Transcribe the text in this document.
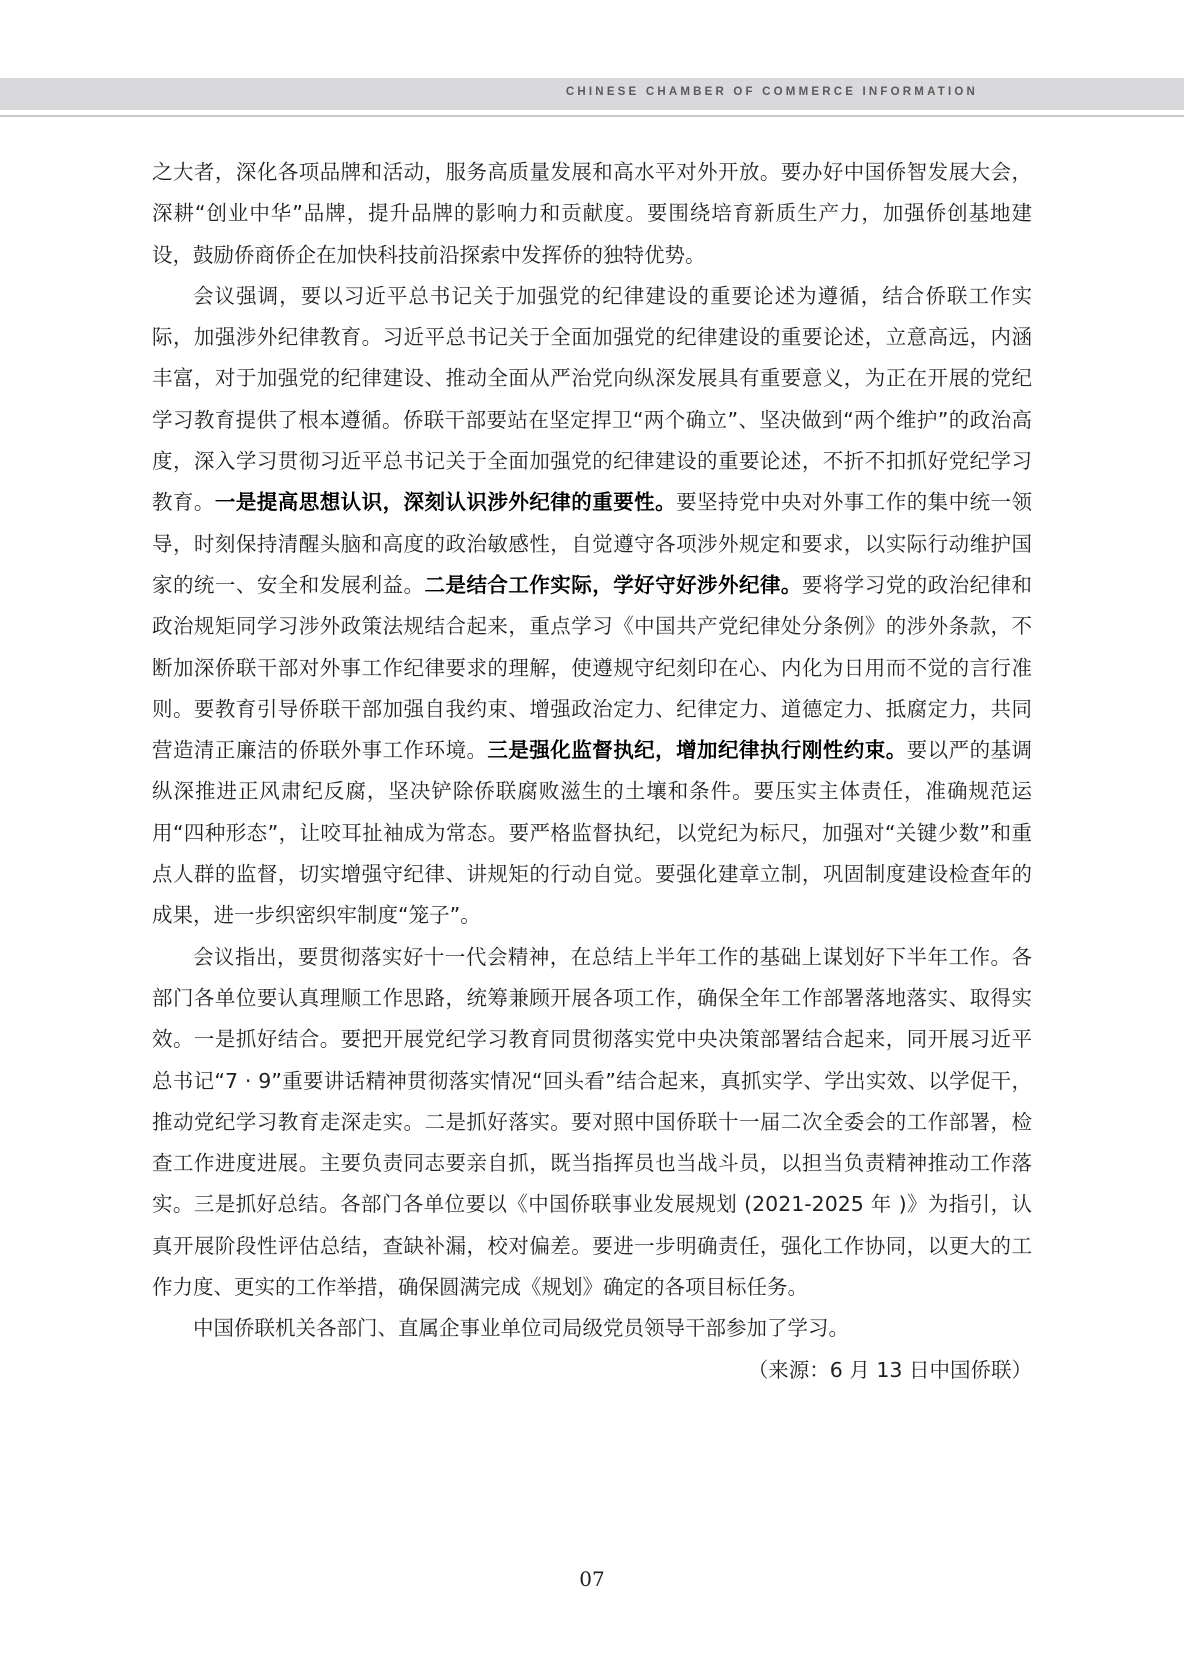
CHINESE CHAMBER OF COMMERCE INFORMATION

之大者，深化各项品牌和活动，服务高质量发展和高水平对外开放。要办好中国侨智发展大会，深耕“创业中华”品牌，提升品牌的影响力和贡献度。要围绕培育新质生产力，加强侨创基地建设，鼓励侨商侨企在加快科技前沿探索中发挥侨的独特优势。

会议强调，要以习近平总书记关于加强党的纪律建设的重要论述为遵循，结合侨联工作实际，加强涉外纪律教育。习近平总书记关于全面加强党的纪律建设的重要论述，立意高远，内涵丰富，对于加强党的纪律建设、推动全面从严治党向纵深发展具有重要意义，为正在开展的党纪学习教育提供了根本遵循。侨联干部要站在坚定捍卫“两个确立”、坚决做到“两个维护”的政治高度，深入学习贯彻习近平总书记关于全面加强党的纪律建设的重要论述，不折不扣抓好党纪学习教育。一是提高思想认识，深刻认识涉外纪律的重要性。要坚持党中央对外事工作的集中统一领导，时刻保持清醒头脑和高度的政治敏感性，自觉遵守各项涉外规定和要求，以实际行动维护国家的统一、安全和发展利益。二是结合工作实际，学好守好涉外纪律。要将学习党的政治纪律和政治规矩同学习涉外政策法规结合起来，重点学习《中国共产党纪律处分条例》的涉外条款，不断加深侨联干部对外事工作纪律要求的理解，使遵规守纪刻印在心、内化为日用而不觉的言行准则。要教育引导侨联干部加强自我约束、增强政治定力、纪律定力、道德定力、抵腐定力，共同营造清正廉洁的侨联外事工作环境。三是强化监督执纪，增加纪律执行刚性约束。要以严的基调纵深推进正风肃纪反腐，坚决铲除侨联腐败滋生的土壤和条件。要压实主体责任，准确规范运用“四种形态”，让咬耳扯袖成为常态。要严格监督执纪，以党纪为标尺，加强对“关键少数”和重点人群的监督，切实增强守纪律、讲规矩的行动自觉。要强化建章立制，巩固制度建设检查年的成果，进一步织密织牢制度“笼子”。

会议指出，要贯彻落实好十一代会精神，在总结上半年工作的基础上谋划好下半年工作。各部门各单位要认真理顺工作思路，统筹兼顾开展各项工作，确保全年工作部署落地落实、取得实效。一是抓好结合。要把开展党纪学习教育同贯彻落实党中央决策部署结合起来，同开展习近平总书记“7 · 9”重要讲话精神贯彻落实情况“回头看”结合起来，真抓实学、学出实效、以学促干，推动党纪学习教育走深走实。二是抓好落实。要对照中国侨联十一届二次全委会的工作部署，检查工作进度进展。主要负责同志要亲自抓，既当指挥员也当战斗员，以担当负责精神推动工作落实。三是抓好总结。各部门各单位要以《中国侨联事业发展规划 (2021-2025 年 )》为指引，认真开展阶段性评估总结，查缺补漏，校对偏差。要进一步明确责任，强化工作协同，以更大的工作力度、更实的工作举措，确保圆满完成《规划》确定的各项目标任务。

中国侨联机关各部门、直属企事业单位司局级党员领导干部参加了学习。

（来源：6 月 13 日中国侨联）

07
